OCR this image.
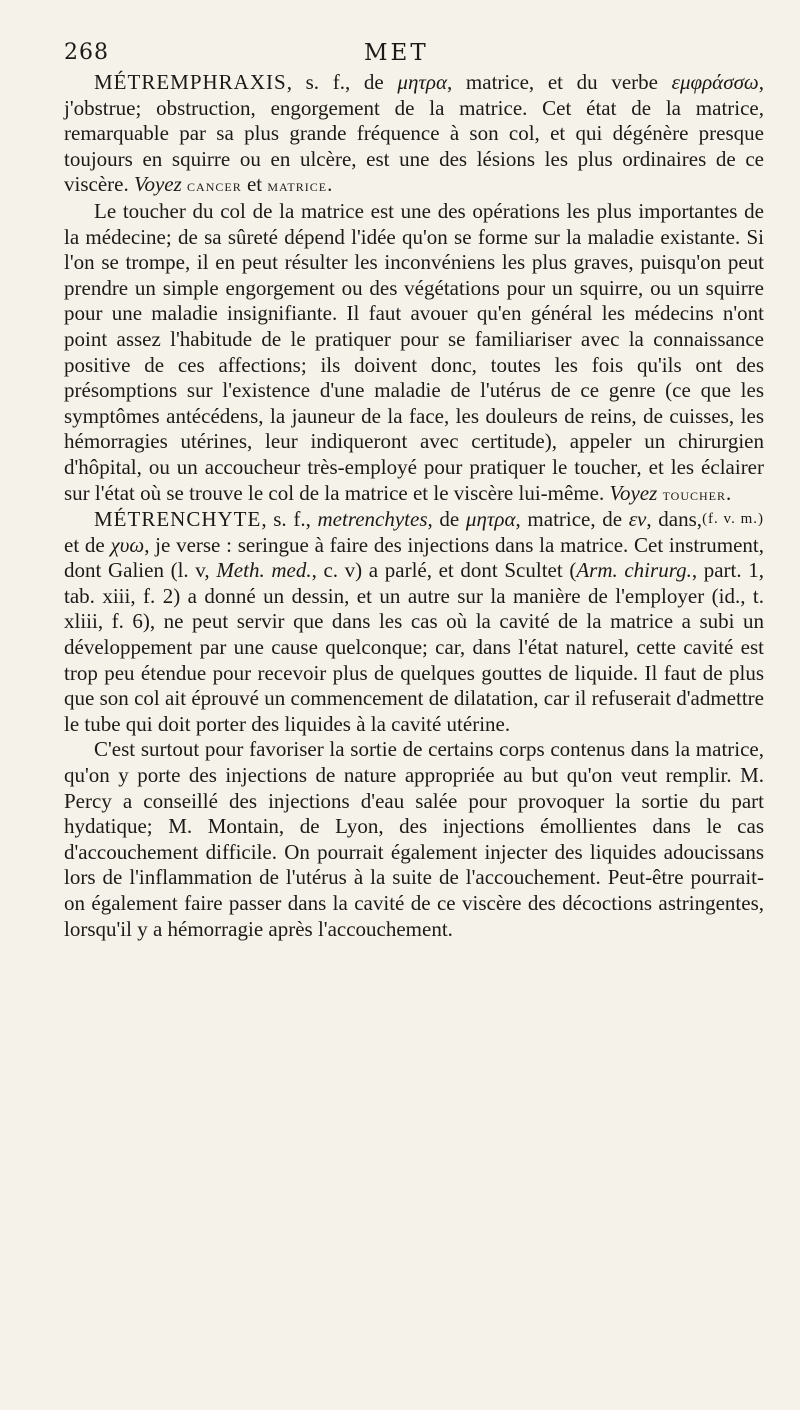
268	MET

MÉTREMPHRAXIS, s. f., de μητρα, matrice, et du verbe εμφράσσω, j'obstrue; obstruction, engorgement de la matrice. Cet état de la matrice, remarquable par sa plus grande fréquence à son col, et qui dégénère presque toujours en squirre ou en ulcère, est une des lésions les plus ordinaires de ce viscère. Voyez cancer et matrice.

Le toucher du col de la matrice est une des opérations les plus importantes de la médecine; de sa sûreté dépend l'idée qu'on se forme sur la maladie existante. Si l'on se trompe, il en peut résulter les inconvéniens les plus graves, puisqu'on peut prendre un simple engorgement ou des végétations pour un squirre, ou un squirre pour une maladie insignifiante. Il faut avouer qu'en général les médecins n'ont point assez l'habitude de le pratiquer pour se familiariser avec la connaissance positive de ces affections; ils doivent donc, toutes les fois qu'ils ont des présomptions sur l'existence d'une maladie de l'utérus de ce genre (ce que les symptômes antécédens, la jauneur de la face, les douleurs de reins, de cuisses, les hémorragies utérines, leur indiqueront avec certitude), appeler un chirurgien d'hôpital, ou un accoucheur très-employé pour pratiquer le toucher, et les éclairer sur l'état où se trouve le col de la matrice et le viscère lui-même. Voyez toucher.
(f. v. m.)

MÉTRENCHYTE, s. f., metrenchytes, de μητρα, matrice, de εν, dans, et de χυω, je verse : seringue à faire des injections dans la matrice. Cet instrument, dont Galien (l. v, Meth. med., c. v) a parlé, et dont Scultet (Arm. chirurg., part. 1, tab. xiii, f. 2) a donné un dessin, et un autre sur la manière de l'employer (id., t. xliii, f. 6), ne peut servir que dans les cas où la cavité de la matrice a subi un développement par une cause quelconque; car, dans l'état naturel, cette cavité est trop peu étendue pour recevoir plus de quelques gouttes de liquide. Il faut de plus que son col ait éprouvé un commencement de dilatation, car il refuserait d'admettre le tube qui doit porter des liquides à la cavité utérine.

C'est surtout pour favoriser la sortie de certains corps contenus dans la matrice, qu'on y porte des injections de nature appropriée au but qu'on veut remplir. M. Percy a conseillé des injections d'eau salée pour provoquer la sortie du part hydatique; M. Montain, de Lyon, des injections émollientes dans le cas d'accouchement difficile. On pourrait également injecter des liquides adoucissans lors de l'inflammation de l'utérus à la suite de l'accouchement. Peut-être pourrait-on également faire passer dans la cavité de ce viscère des décoctions astringentes, lorsqu'il y a hémorragie après l'accouchement.
